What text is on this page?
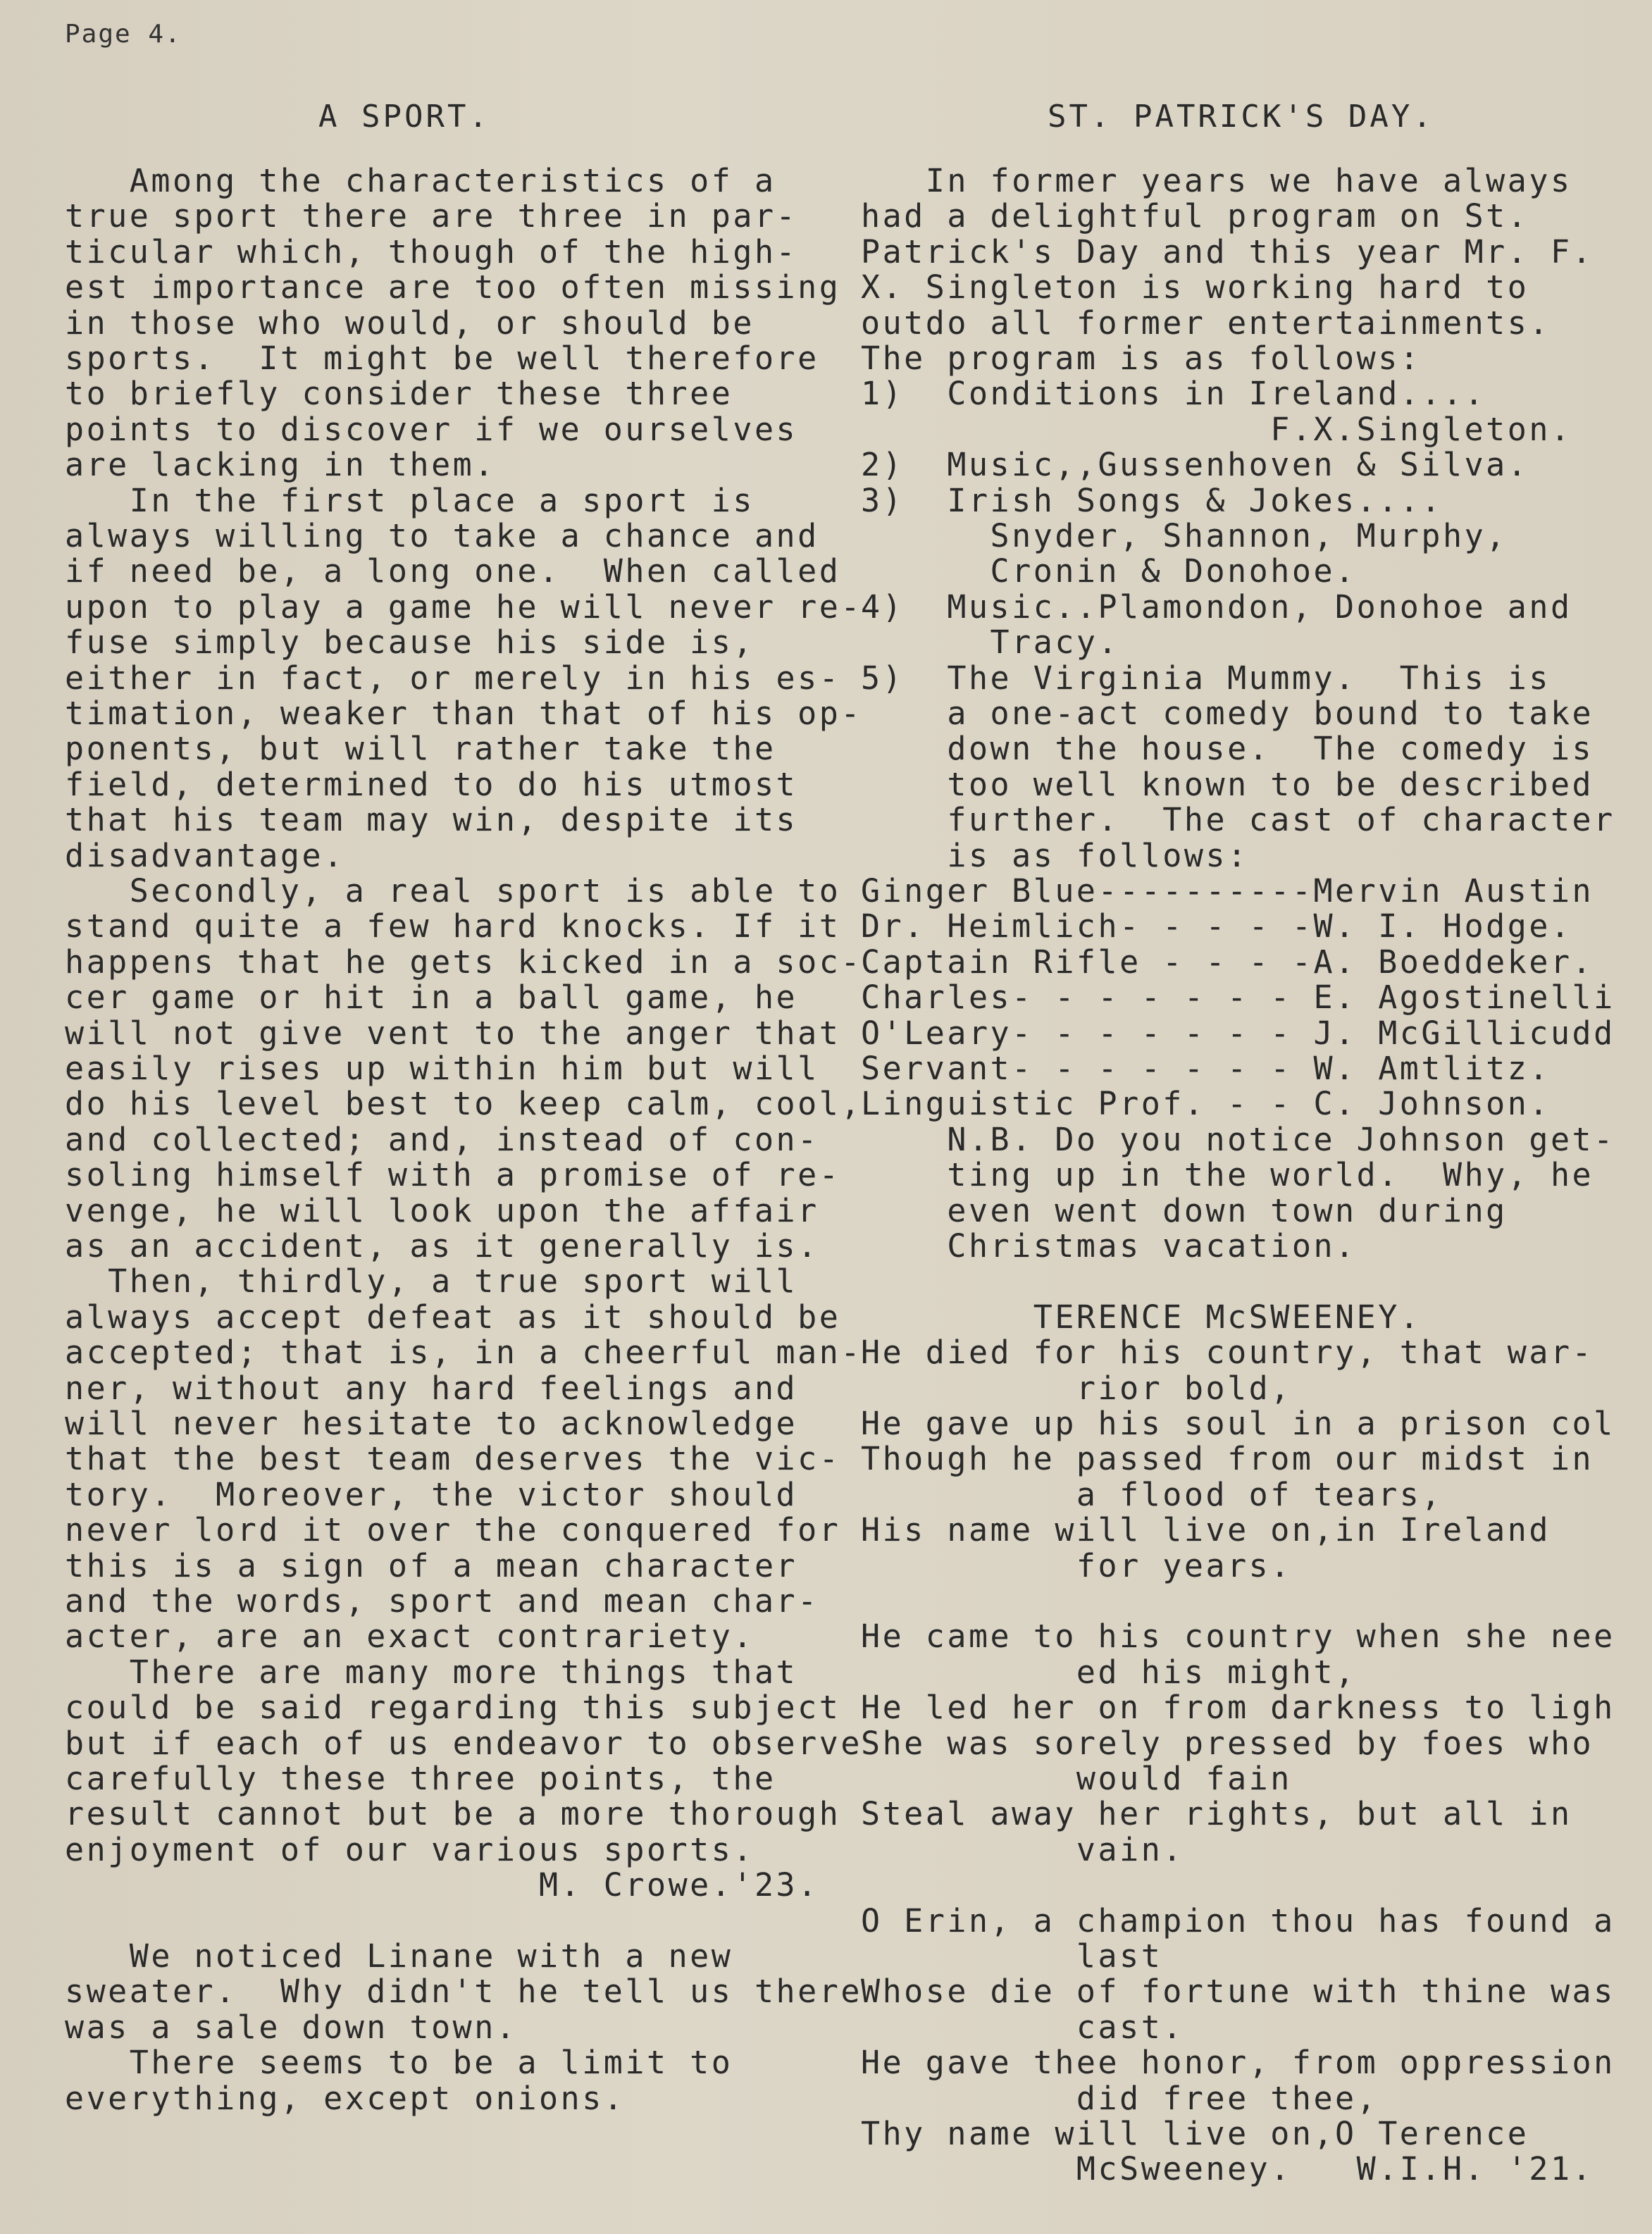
Page 4.
A SPORT.
Among the characteristics of a
true sport there are three in par-
ticular which, though of the high-
est importance are too often missing
in those who would, or should be
sports.  It might be well therefore
to briefly consider these three
points to discover if we ourselves
are lacking in them.
In the first place a sport is
always willing to take a chance and
if need be, a long one.  When called
upon to play a game he will never re-
fuse simply because his side is,
either in fact, or merely in his es-
timation, weaker than that of his op-
ponents, but will rather take the
field, determined to do his utmost
that his team may win, despite its
disadvantage.
Secondly, a real sport is able to
stand quite a few hard knocks. If it
happens that he gets kicked in a soc-
cer game or hit in a ball game, he
will not give vent to the anger that
easily rises up within him but will
do his level best to keep calm, cool,
and collected; and, instead of con-
soling himself with a promise of re-
venge, he will look upon the affair
as an accident, as it generally is.
Then, thirdly, a true sport will
always accept defeat as it should be
accepted; that is, in a cheerful man-
ner, without any hard feelings and
will never hesitate to acknowledge
that the best team deserves the vic-
tory.  Moreover, the victor should
never lord it over the conquered for
this is a sign of a mean character
and the words, sport and mean char-
acter, are an exact contrariety.
There are many more things that
could be said regarding this subject
but if each of us endeavor to observe
carefully these three points, the
result cannot but be a more thorough
enjoyment of our various sports.
M. Crowe.'23.
We noticed Linane with a new
sweater.  Why didn't he tell us there
was a sale down town.
There seems to be a limit to
everything, except onions.
ST. PATRICK'S DAY.
In former years we have always
had a delightful program on St.
Patrick's Day and this year Mr. F.
X. Singleton is working hard to
outdo all former entertainments.
The program is as follows:
1)  Conditions in Ireland....
F.X.Singleton.
2)  Music,,Gussenhoven & Silva.
3)  Irish Songs & Jokes....
Snyder, Shannon, Murphy,
Cronin & Donohoe.
4)  Music..Plamondon, Donohoe and
Tracy.
5)  The Virginia Mummy.  This is
a one-act comedy bound to take
down the house.  The comedy is
too well known to be described
further.  The cast of character
is as follows:
Ginger Blue----------Mervin Austin
Dr. Heimlich- - - - -W. I. Hodge.
Captain Rifle - - - -A. Boeddeker.
Charles- - - - - - - E. Agostinelli
O'Leary- - - - - - - J. McGillicudd
Servant- - - - - - - W. Amtlitz.
Linguistic Prof. - - C. Johnson.
N.B. Do you notice Johnson get-
ting up in the world.  Why, he
even went down town during
Christmas vacation.
TERENCE McSWEENEY.
He died for his country, that war-
rior bold,
He gave up his soul in a prison col
Though he passed from our midst in
a flood of tears,
His name will live on,in Ireland
for years.
He came to his country when she nee
ed his might,
He led her on from darkness to ligh
She was sorely pressed by foes who
would fain
Steal away her rights, but all in
vain.
O Erin, a champion thou has found a
last
Whose die of fortune with thine was
cast.
He gave thee honor, from oppression
did free thee,
Thy name will live on,O Terence
McSweeney.   W.I.H. '21.
